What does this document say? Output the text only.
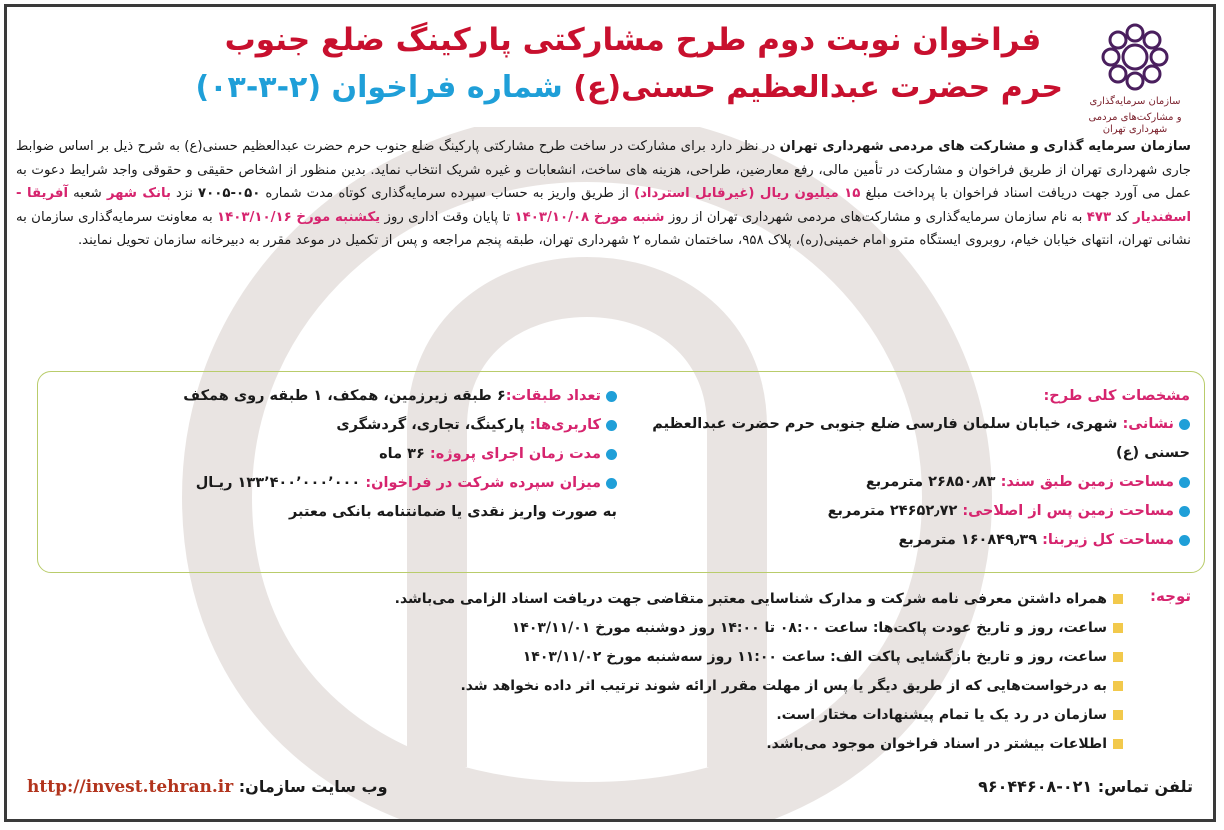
سازمان سرمایه‌گذاری
و مشارکت‌های مردمی شهرداری تهران
فراخوان نوبت دوم طرح مشارکتی پارکینگ ضلع جنوب
حرم حضرت عبدالعظیم حسنی(ع) شماره فراخوان (۲-۳-۰۳)
سازمان سرمایه گذاری و مشارکت های مردمی شهرداری تهران در نظر دارد برای مشارکت در ساخت طرح مشارکتی پارکینگ ضلع جنوب حرم حضرت عبدالعظیم حسنی(ع) به شرح ذیل بر اساس ضوابط جاری شهرداری تهران از طریق فراخوان و مشارکت در تأمین مالی، رفع معارضین، طراحی، هزینه های ساخت، انشعابات و غیره شریک انتخاب نماید. بدین منظور از اشخاص حقیقی و حقوقی واجد شرایط دعوت به عمل می آورد جهت دریافت اسناد فراخوان با پرداخت مبلغ ۱۵ میلیون ریال (غیرقابل استرداد) از طریق واریز به حساب سپرده سرمایه‌گذاری کوتاه مدت شماره ۰۵۰-۷۰۰۵ نزد بانک شهر شعبه آفریقا - اسفندیار کد ۴۷۳ به نام سازمان سرمایه‌گذاری و مشارکت‌های مردمی شهرداری تهران از روز شنبه مورخ ۱۴۰۳/۱۰/۰۸ تا پایان وقت اداری روز یکشنبه مورخ ۱۴۰۳/۱۰/۱۶ به معاونت سرمایه‌گذاری سازمان به نشانی تهران، انتهای خیابان خیام، روبروی ایستگاه مترو امام خمینی(ره)، پلاک ۹۵۸، ساختمان شماره ۲ شهرداری تهران، طبقه پنجم مراجعه و پس از تکمیل در موعد مقرر به دبیرخانه سازمان تحویل نمایند.
مشخصات کلی طرح:
نشانی: شهری، خیابان سلمان فارسی ضلع جنوبی حرم حضرت عبدالعظیم حسنی (ع)
مساحت زمین طبق سند: ۲۶۸۵۰٫۸۳ مترمربع
مساحت زمین پس از اصلاحی: ۲۴۶۵۲٫۷۲ مترمربع
مساحت کل زیربنا: ۱۶۰۸۴۹٫۳۹ مترمربع
تعداد طبقات:۶ طبقه زیرزمین، همکف، ۱ طبقه روی همکف
کاربری‌ها: پارکینگ، تجاری، گردشگری
مدت زمان اجرای پروژه: ۳۶ ماه
میزان سپرده شرکت در فراخوان: ۱۳۳٬۴۰۰٬۰۰۰٬۰۰۰ ریـال
به صورت واریز نقدی یا ضمانتنامه بانکی معتبر
توجه:
همراه داشتن معرفی نامه شرکت و مدارک شناسایی معتبر متقاضی جهت دریافت اسناد الزامی می‌باشد.
ساعت، روز و تاریخ عودت پاکت‌ها: ساعت ۰۸:۰۰ تا ۱۴:۰۰ روز دوشنبه مورخ ۱۴۰۳/۱۱/۰۱
ساعت، روز و تاریخ بازگشایی پاکت الف: ساعت ۱۱:۰۰ روز سه‌شنبه مورخ ۱۴۰۳/۱۱/۰۲
به درخواست‌هایی که از طریق دیگر یا پس از مهلت مقرر ارائه شوند ترتیب اثر داده نخواهد شد.
سازمان در رد یک یا تمام پیشنهادات مختار است.
اطلاعات بیشتر در اسناد فراخوان موجود می‌باشد.
تلفن تماس: ۰۲۱-۹۶۰۴۴۶۰۸
وب سایت سازمان: http://invest.tehran.ir
